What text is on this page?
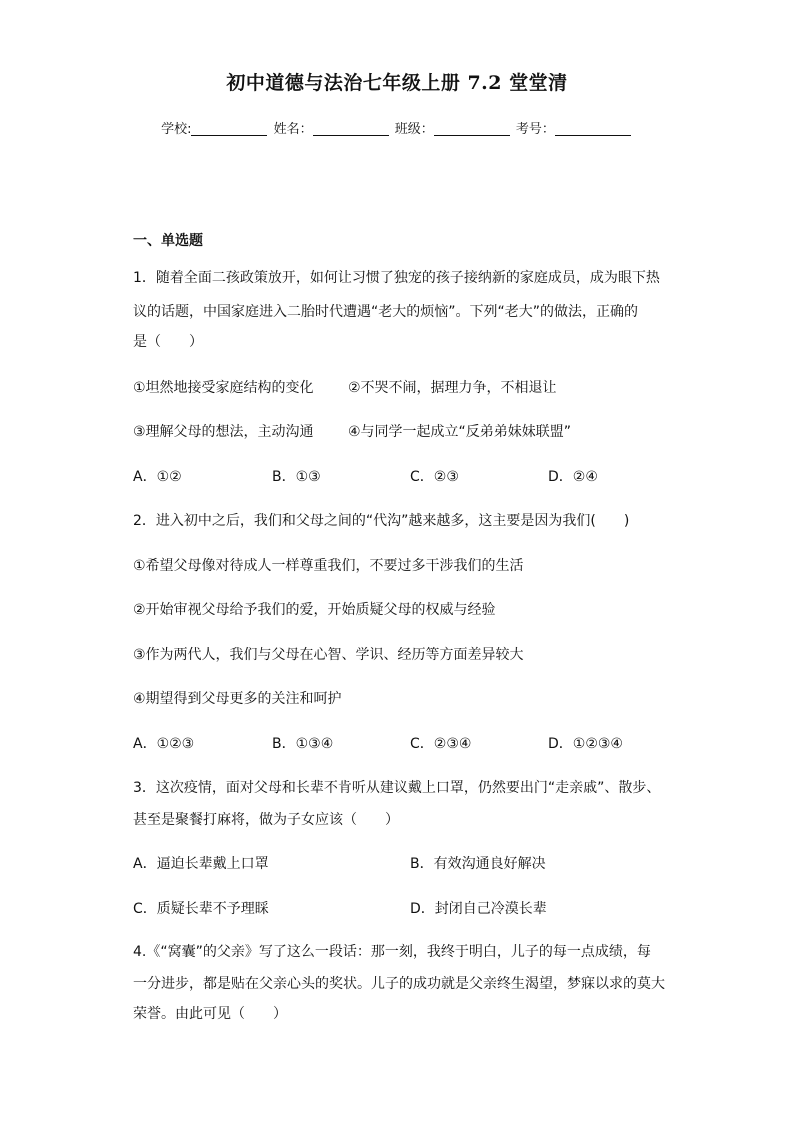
初中道德与法治七年级上册 7.2 堂堂清
学校:	姓名：	班级：	考号：
一、单选题
1．随着全面二孩政策放开，如何让习惯了独宠的孩子接纳新的家庭成员，成为眼下热
议的话题，中国家庭进入二胎时代遭遇“老大的烦恼”。下列“老大”的做法，正确的
是（　　）
①坦然地接受家庭结构的变化 ②不哭不闹，据理力争，不相退让
③理解父母的想法，主动沟通 ④与同学一起成立“反弟弟妹妹联盟”
A．①②	B．①③	C．②③	D．②④
2．进入初中之后，我们和父母之间的“代沟”越来越多，这主要是因为我们(　　)
①希望父母像对待成人一样尊重我们，不要过多干涉我们的生活
②开始审视父母给予我们的爱，开始质疑父母的权威与经验
③作为两代人，我们与父母在心智、学识、经历等方面差异较大
④期望得到父母更多的关注和呵护
A．①②③	B．①③④	C．②③④	D．①②③④
3．这次疫情，面对父母和长辈不肯听从建议戴上口罩，仍然要出门“走亲戚”、散步、
甚至是聚餐打麻将，做为子女应该（　　）
A．逼迫长辈戴上口罩	B．有效沟通良好解决
C．质疑长辈不予理睬	D．封闭自己冷漠长辈
4.《“窝囊”的父亲》写了这么一段话：那一刻，我终于明白，儿子的每一点成绩，每
一分进步，都是贴在父亲心头的奖状。儿子的成功就是父亲终生渴望，梦寐以求的莫大
荣誉。由此可见（　　）
